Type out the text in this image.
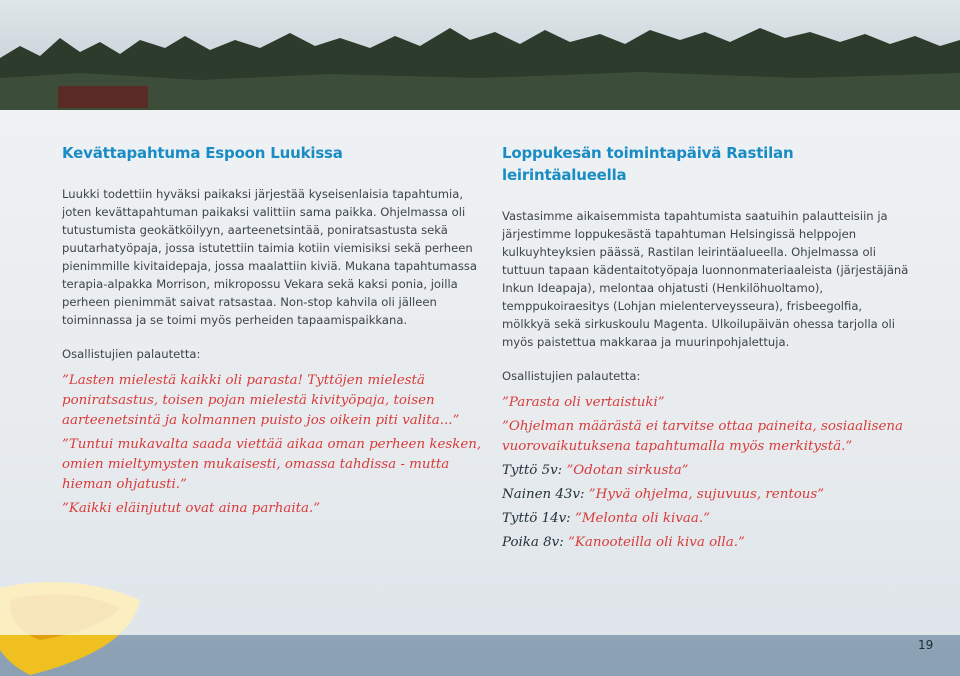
Kevättapahtuma Espoon Luukissa

Luukki todettiin hyväksi paikaksi järjestää kyseisenlaisia tapahtumia, joten kevättapahtuman paikaksi valittiin sama paikka. Ohjelmassa oli tutustumista geokätköilyyn, aarteenetsintää, poniratsastusta sekä puutarhatyöpaja, jossa istutettiin taimia kotiin viemisiksi sekä perheen pienimmille kivitaidepaja, jossa maalattiin kiviä. Mukana tapahtumassa terapia-alpakka Morrison, mikropossu Vekara sekä kaksi ponia, joilla perheen pienimmät saivat ratsastaa. Non-stop kahvila oli jälleen toiminnassa ja se toimi myös perheiden tapaamispaikkana.

Osallistujien palautetta:
”Lasten mielestä kaikki oli parasta! Tyttöjen mielestä poniratsastus, toisen pojan mielestä kivityöpaja, toisen aarteenetsintä ja kolmannen puisto jos oikein piti valita...”
”Tuntui mukavalta saada viettää aikaa oman perheen kesken, omien mieltymysten mukaisesti, omassa tahdissa - mutta hieman ohjatusti.”
”Kaikki eläinjutut ovat aina parhaita.”
Loppukesän toimintapäivä Rastilan leirintäalueella

Vastasimme aikaisemmista tapahtumista saatuihin palautteisiin ja järjestimme loppukesästä tapahtuman Helsingissä helppojen kulkuyhteyksien päässä, Rastilan leirintäalueella. Ohjelmassa oli tuttuun tapaan kädentaitotyöpaja luonnonmateriaaleista (järjestäjänä Inkun Ideapaja), melontaa ohjatusti (Henkilöhuoltamo), temppukoiraesitys (Lohjan mielenterveysseura), frisbeegolfia, mölkkyä sekä sirkuskoulu Magenta. Ulkoilupäivän ohessa tarjolla oli myös paistettua makkaraa ja muurinpohjalettuja.

Osallistujien palautetta:
”Parasta oli vertaistuki”
”Ohjelman määrästä ei tarvitse ottaa paineita, sosiaalisena vuorovaikutuksena tapahtumalla myös merkitystä.”
Tyttö 5v: ”Odotan sirkusta”
Nainen 43v: ”Hyvä ohjelma, sujuvuus, rentous”
Tyttö 14v: ”Melonta oli kivaa.”
Poika 8v: ”Kanooteilla oli kiva olla.”
19
